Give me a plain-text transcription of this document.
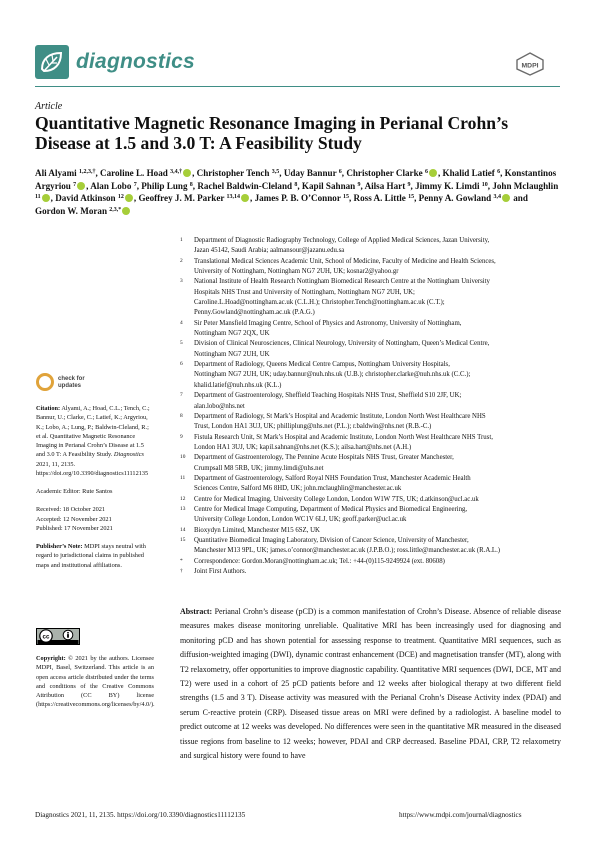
diagnostics	MDPI
Article
Quantitative Magnetic Resonance Imaging in Perianal Crohn’s Disease at 1.5 and 3.0 T: A Feasibility Study
Ali Alyami $^{1,2,3,\dagger}$, Caroline L. Hoad $^{3,4,\dagger}$ , Christopher Tench $^{3,5}$, Uday Bannur $^6$, Christopher Clarke $^6$ , Khalid Latief $^6$, Konstantinos Argyriou $^7$ , Alan Lobo $^7$, Philip Lung $^8$, Rachel Baldwin-Cleland $^8$, Kapil Sahnan $^9$, Ailsa Hart $^9$, Jimmy K. Limdi $^{10}$, John Mclaughlin $^{11}$ , David Atkinson $^{12}$ , Geoffrey J. M. Parker $^{13,14}$ , James P. B. O’Connor $^{15}$, Ross A. Little $^{15}$, Penny A. Gowland $^{3,4}$ and Gordon W. Moran $^{2,3,*}$
1 Department of Diagnostic Radiography Technology, College of Applied Medical Sciences, Jazan University,
Jazan 45142, Saudi Arabia; aalmansour@jazanu.edu.sa
2 Translational Medical Sciences Academic Unit, School of Medicine, Faculty of Medicine and Health Sciences,
University of Nottingham, Nottingham NG7 2UH, UK; kosnar2@yahoo.gr
3 National Institute of Health Research Nottingham Biomedical Research Centre at the Nottingham University
Hospitals NHS Trust and University of Nottingham, Nottingham NG7 2UH, UK;
Caroline.L.Hoad@nottingham.ac.uk (C.L.H.); Christopher.Tench@nottingham.ac.uk (C.T.);
Penny.Gowland@nottingham.ac.uk (P.A.G.)
4 Sir Peter Mansfield Imaging Centre, School of Physics and Astronomy, University of Nottingham,
Nottingham NG7 2QX, UK
5 Division of Clinical Neurosciences, Clinical Neurology, University of Nottingham, Queen’s Medical Centre,
Nottingham NG7 2UH, UK
6 Department of Radiology, Queens Medical Centre Campus, Nottingham University Hospitals,
Nottingham NG7 2UH, UK; uday.bannur@nuh.nhs.uk (U.B.); christopher.clarke@nuh.nhs.uk (C.C.);
khalid.latief@nuh.nhs.uk (K.L.)
7 Department of Gastroenterology, Sheffield Teaching Hospitals NHS Trust, Sheffield S10 2JF, UK;
alan.lobo@nhs.net
8 Department of Radiology, St Mark’s Hospital and Academic Institute, London North West Healthcare NHS
Trust, London HA1 3UJ, UK; philliplung@nhs.net (P.L.); r.baldwin@nhs.net (R.B.-C.)
9 Fistula Research Unit, St Mark’s Hospital and Academic Institute, London North West Healthcare NHS Trust,
London HA1 3UJ, UK; kapil.sahnan@nhs.net (K.S.); ailsa.hart@nhs.net (A.H.)
10 Department of Gastroenterology, The Pennine Acute Hospitals NHS Trust, Greater Manchester,
Crumpsall M8 5RB, UK; jimmy.limdi@nhs.net
11 Department of Gastroenterology, Salford Royal NHS Foundation Trust, Manchester Academic Health
Sciences Centre, Salford M6 8HD, UK; john.mclaughlin@manchester.ac.uk
12 Centre for Medical Imaging, University College London, London W1W 7TS, UK; d.atkinson@ucl.ac.uk
13 Centre for Medical Image Computing, Department of Medical Physics and Biomedical Engineering,
University College London, London WC1V 6LJ, UK; geoff.parker@ucl.ac.uk
14 Bioxydyn Limited, Manchester M15 6SZ, UK
15 Quantitative Biomedical Imaging Laboratory, Division of Cancer Science, University of Manchester,
Manchester M13 9PL, UK; james.o’connor@manchester.ac.uk (J.P.B.O.); ross.little@manchester.ac.uk (R.A.L.)
* Correspondence: Gordon.Moran@nottingham.ac.uk; Tel.: +44-(0)115-9249924 (ext. 80608)
† Joint First Authors.
check for
updates

Citation: Alyami, A.; Hoad, C.L.; Tench, C.; Bannur, U.; Clarke, C.; Latief, K.; Argyriou, K.; Lobo, A.; Lung, P.; Baldwin-Cleland, R.; et al. Quantitative Magnetic Resonance Imaging in Perianal Crohn’s Disease at 1.5 and 3.0 T: A Feasibility Study. Diagnostics 2021, 11, 2135. https://doi.org/10.3390/diagnostics11112135

Academic Editor: Rute Santos

Received: 18 October 2021

Accepted: 12 November 2021

Published: 17 November 2021

Publisher’s Note: MDPI stays neutral with regard to jurisdictional claims in published maps and institutional affiliations.

cc
Copyright: © 2021 by the authors. Licensee MDPI, Basel, Switzerland. This article is an open access article distributed under the terms and conditions of the Creative Commons Attribution (CC BY) license (https://creativecommons.org/licenses/by/4.0/).

Abstract: Perianal Crohn’s disease (pCD) is a common manifestation of Crohn’s Disease. Absence of reliable disease measures makes disease monitoring unreliable. Qualitative MRI has been increasingly used for diagnosing and monitoring pCD and has shown potential for assessing response to treatment. Quantitative MRI sequences, such as diffusion-weighted imaging (DWI), dynamic contrast enhancement (DCE) and magnetisation transfer (MT), along with T2 relaxometry, offer opportunities to improve diagnostic capability. Quantitative MRI sequences (DWI, DCE, MT and T2) were used in a cohort of 25 pCD patients before and 12 weeks after biological therapy at two different field strengths (1.5 and 3 T). Disease activity was measured with the Perianal Crohn’s Disease Activity index (PDAI) and serum C-reactive protein (CRP). Diseased tissue areas on MRI were defined by a radiologist. A baseline model to predict outcome at 12 weeks was developed. No differences were seen in the quantitative MR measured in the diseased tissue regions from baseline to 12 weeks; however, PDAI and CRP decreased. Baseline PDAI, CRP, T2 relaxometry and surgical history were found to have

Diagnostics 2021, 11, 2135. https://doi.org/10.3390/diagnostics11112135	https://www.mdpi.com/journal/diagnostics
